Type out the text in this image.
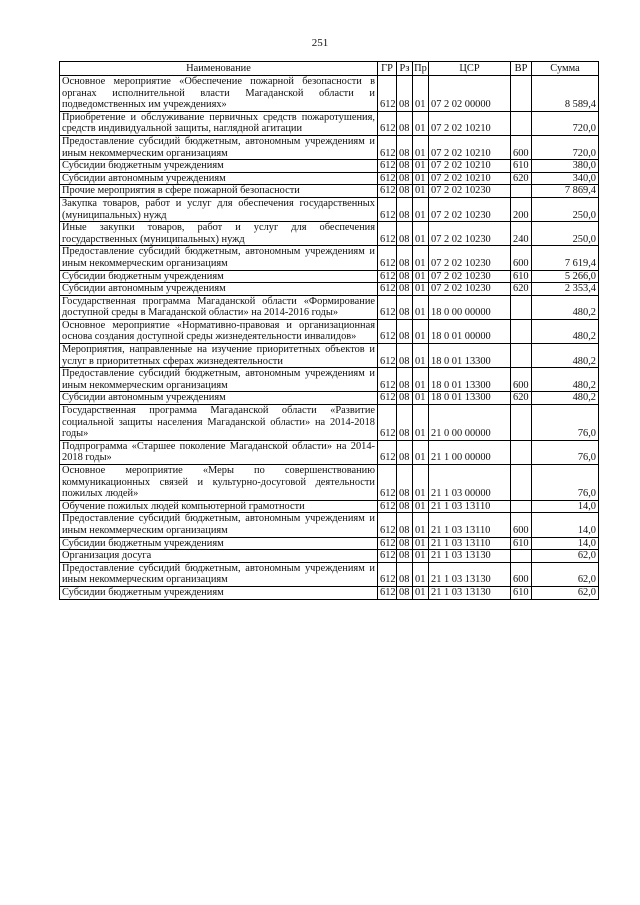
251
Наименование	ГР	Рз	Пр	ЦСР	ВР	Сумма
Основное мероприятие «Обеспечение пожарной безопасности в органах исполнительной власти Магаданской области и подведомственных им учреждениях»	612	08	01	07 2 02 00000		8 589,4
Приобретение и обслуживание первичных средств пожаротушения, средств индивидуальной защиты, наглядной агитации	612	08	01	07 2 02 10210		720,0
Предоставление субсидий бюджетным, автономным учреждениям и иным некоммерческим организациям	612	08	01	07 2 02 10210	600	720,0
Субсидии бюджетным учреждениям	612	08	01	07 2 02 10210	610	380,0
Субсидии автономным учреждениям	612	08	01	07 2 02 10210	620	340,0
Прочие мероприятия в сфере пожарной безопасности	612	08	01	07 2 02 10230		7 869,4
Закупка товаров, работ и услуг для обеспечения государственных (муниципальных) нужд	612	08	01	07 2 02 10230	200	250,0
Иные закупки товаров, работ и услуг для обеспечения государственных (муниципальных) нужд	612	08	01	07 2 02 10230	240	250,0
Предоставление субсидий бюджетным, автономным учреждениям и иным некоммерческим организациям	612	08	01	07 2 02 10230	600	7 619,4
Субсидии бюджетным учреждениям	612	08	01	07 2 02 10230	610	5 266,0
Субсидии автономным учреждениям	612	08	01	07 2 02 10230	620	2 353,4
Государственная программа Магаданской области «Формирование доступной среды в Магаданской области» на 2014-2016 годы»	612	08	01	18 0 00 00000		480,2
Основное мероприятие «Нормативно-правовая и организационная основа создания доступной среды жизнедеятельности инвалидов»	612	08	01	18 0 01 00000		480,2
Мероприятия, направленные на изучение приоритетных объектов и услуг в приоритетных сферах жизнедеятельности	612	08	01	18 0 01 13300		480,2
Предоставление субсидий бюджетным, автономным учреждениям и иным некоммерческим организациям	612	08	01	18 0 01 13300	600	480,2
Субсидии автономным учреждениям	612	08	01	18 0 01 13300	620	480,2
Государственная программа Магаданской области «Развитие социальной защиты населения Магаданской области» на 2014-2018 годы»	612	08	01	21 0 00 00000		76,0
Подпрограмма «Старшее поколение Магаданской области» на 2014-2018 годы»	612	08	01	21 1 00 00000		76,0
Основное мероприятие «Меры по совершенствованию коммуникационных связей и культурно-досуговой деятельности пожилых людей»	612	08	01	21 1 03 00000		76,0
Обучение пожилых людей компьютерной грамотности	612	08	01	21 1 03 13110		14,0
Предоставление субсидий бюджетным, автономным учреждениям и иным некоммерческим организациям	612	08	01	21 1 03 13110	600	14,0
Субсидии бюджетным учреждениям	612	08	01	21 1 03 13110	610	14,0
Организация досуга	612	08	01	21 1 03 13130		62,0
Предоставление субсидий бюджетным, автономным учреждениям и иным некоммерческим организациям	612	08	01	21 1 03 13130	600	62,0
Субсидии бюджетным учреждениям	612	08	01	21 1 03 13130	610	62,0
